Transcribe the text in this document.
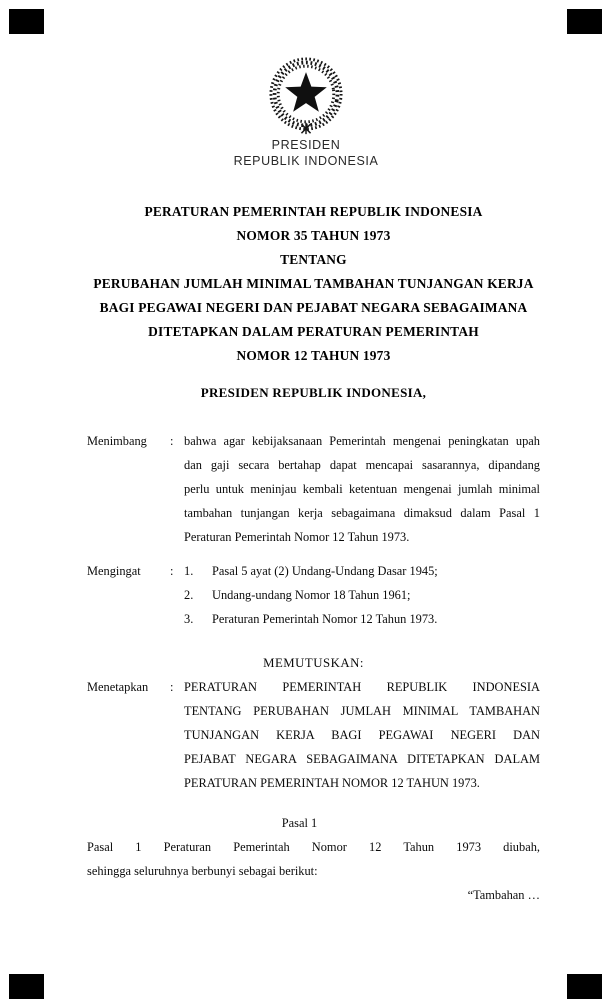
PRESIDEN
REPUBLIK INDONESIA
PERATURAN PEMERINTAH REPUBLIK INDONESIA
NOMOR 35 TAHUN 1973
TENTANG
PERUBAHAN JUMLAH MINIMAL TAMBAHAN TUNJANGAN KERJA
BAGI PEGAWAI NEGERI DAN PEJABAT NEGARA SEBAGAIMANA
DITETAPKAN DALAM PERATURAN PEMERINTAH
NOMOR 12 TAHUN 1973
PRESIDEN REPUBLIK INDONESIA,
Menimbang	: bahwa agar kebijaksanaan Pemerintah mengenai peningkatan upah
dan gaji secara bertahap dapat mencapai sasarannya, dipandang
perlu untuk meninjau kembali ketentuan mengenai jumlah minimal
tambahan tunjangan kerja sebagaimana dimaksud dalam Pasal 1
Peraturan Pemerintah Nomor 12 Tahun 1973.
Mengingat	: 1.	Pasal 5 ayat (2) Undang-Undang Dasar 1945;
2.	Undang-undang Nomor 18 Tahun 1961;
3.	Peraturan Pemerintah Nomor 12 Tahun 1973.
MEMUTUSKAN:
Menetapkan	: PERATURAN PEMERINTAH REPUBLIK INDONESIA
TENTANG PERUBAHAN JUMLAH MINIMAL TAMBAHAN
TUNJANGAN KERJA BAGI PEGAWAI NEGERI DAN
PEJABAT NEGARA SEBAGAIMANA DITETAPKAN DALAM
PERATURAN PEMERINTAH NOMOR 12 TAHUN 1973.
Pasal 1
Pasal 1 Peraturan Pemerintah Nomor 12 Tahun 1973 diubah,
sehingga seluruhnya berbunyi sebagai berikut:
“Tambahan …
